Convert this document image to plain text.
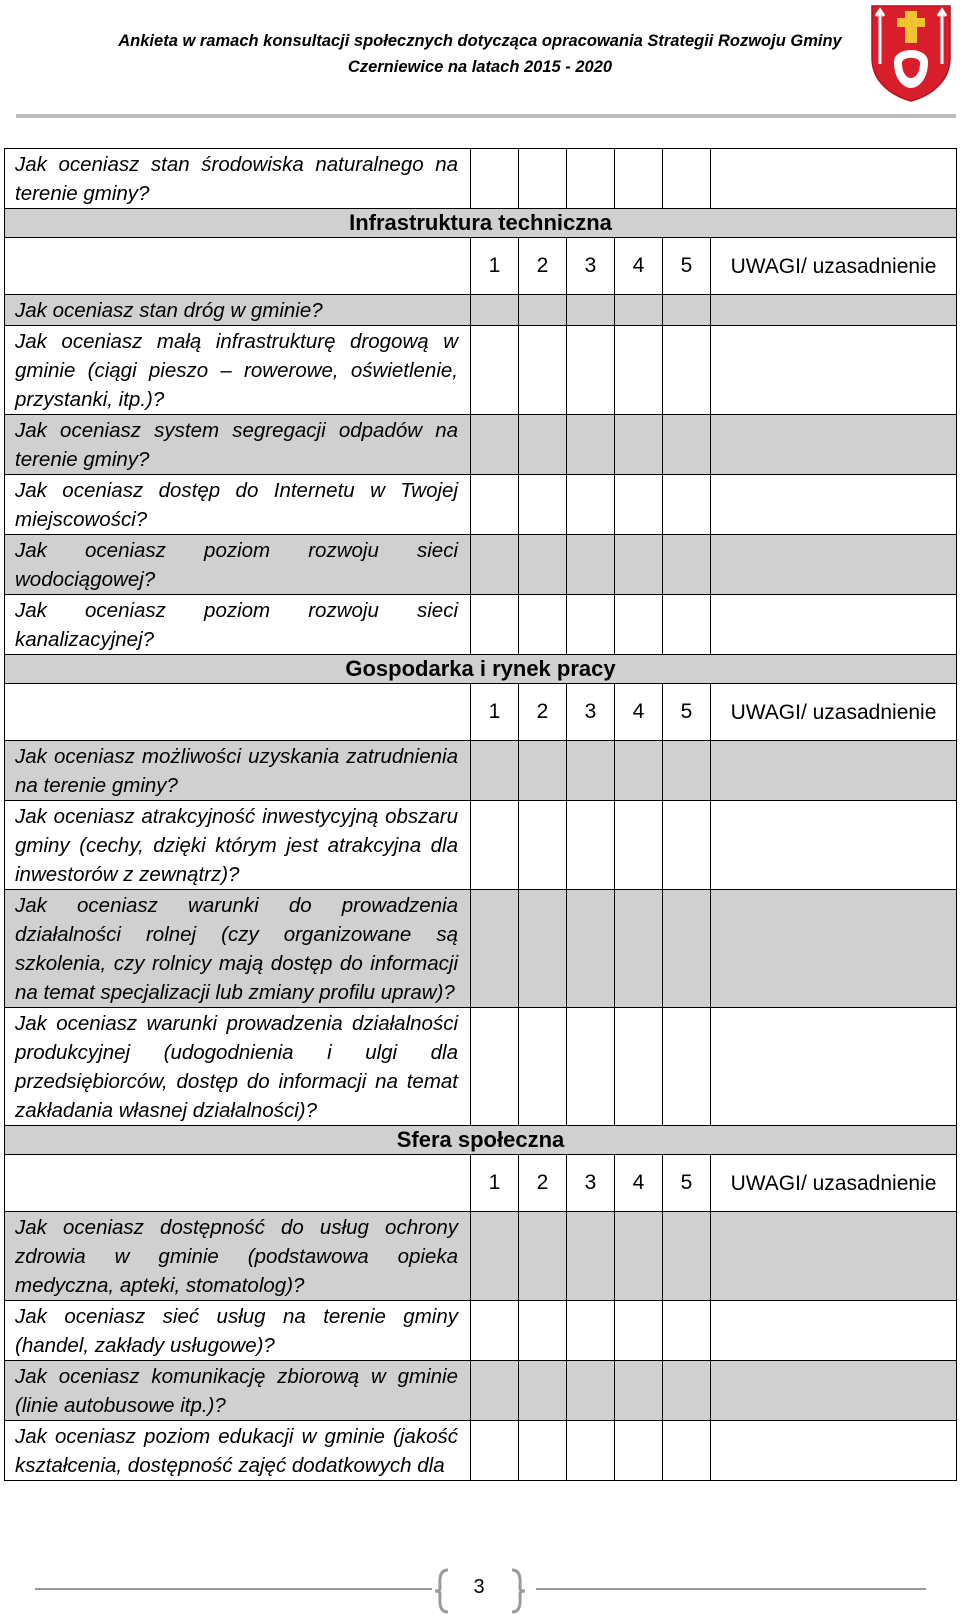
Ankieta w ramach konsultacji społecznych dotycząca opracowania Strategii Rozwoju Gminy
Czerniewice na latach 2015 - 2020
Jak oceniasz stan środowiska naturalnego na terenie gminy?						
Infrastruktura techniczna						
	1	2	3	4	5	UWAGI/ uzasadnienie
Jak oceniasz stan dróg w gminie?						
Jak oceniasz małą infrastrukturę drogową w gminie (ciągi pieszo – rowerowe, oświetlenie, przystanki, itp.)?						
Jak oceniasz system segregacji odpadów na terenie gminy?						
Jak oceniasz dostęp do Internetu w Twojej miejscowości?						
Jak oceniasz poziom rozwoju sieci wodociągowej?						
Jak oceniasz poziom rozwoju sieci kanalizacyjnej?						
Gospodarka i rynek pracy						
	1	2	3	4	5	UWAGI/ uzasadnienie
Jak oceniasz możliwości uzyskania zatrudnienia na terenie gminy?						
Jak oceniasz atrakcyjność inwestycyjną obszaru gminy (cechy, dzięki którym jest atrakcyjna dla inwestorów z zewnątrz)?						
Jak oceniasz warunki do prowadzenia działalności rolnej (czy organizowane są szkolenia, czy rolnicy mają dostęp do informacji na temat specjalizacji lub zmiany profilu upraw)?						
Jak oceniasz warunki prowadzenia działalności produkcyjnej (udogodnienia i ulgi dla przedsiębiorców, dostęp do informacji na temat zakładania własnej działalności)?						
Sfera społeczna						
	1	2	3	4	5	UWAGI/ uzasadnienie
Jak oceniasz dostępność do usług ochrony zdrowia w gminie (podstawowa opieka medyczna, apteki, stomatolog)?						
Jak oceniasz sieć usług na terenie gminy (handel, zakłady usługowe)?						
Jak oceniasz komunikację zbiorową w gminie (linie autobusowe itp.)?						
Jak oceniasz poziom edukacji w gminie (jakość kształcenia, dostępność zajęć dodatkowych dla						
3
